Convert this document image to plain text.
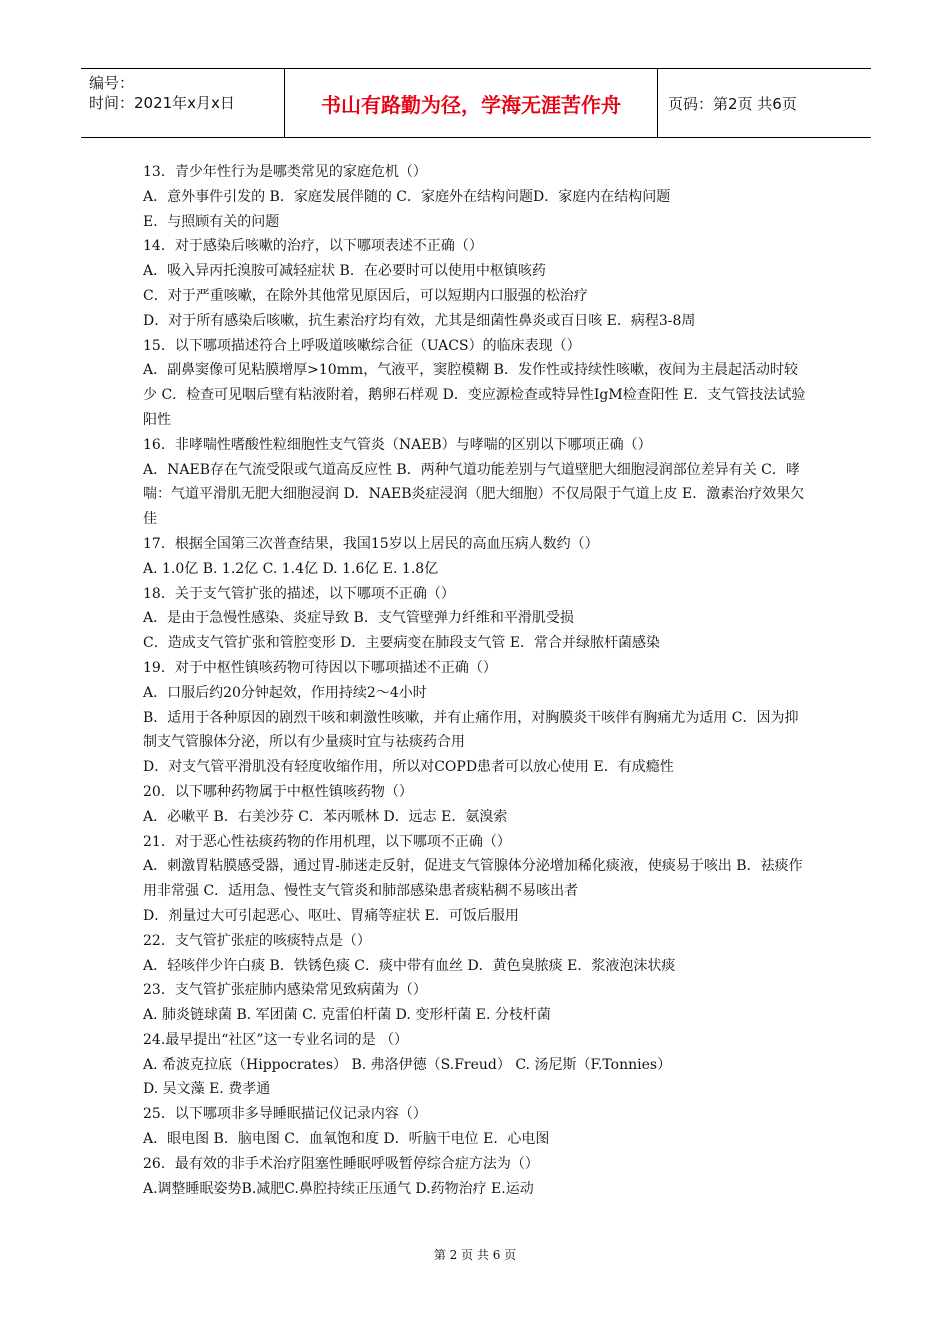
编号：
时间：2021年x月x日	书山有路勤为径，学海无涯苦作舟	页码：第2页 共6页

13．青少年性行为是哪类常见的家庭危机（）

A．意外事件引发的 B．家庭发展伴随的 C．家庭外在结构问题D．家庭内在结构问题

E．与照顾有关的问题

14．对于感染后咳嗽的治疗，以下哪项表述不正确（）

A．吸入异丙托溴胺可减轻症状 B．在必要时可以使用中枢镇咳药

C．对于严重咳嗽，在除外其他常见原因后，可以短期内口服强的松治疗

D．对于所有感染后咳嗽，抗生素治疗均有效，尤其是细菌性鼻炎或百日咳 E．病程3-8周

15．以下哪项描述符合上呼吸道咳嗽综合征（UACS）的临床表现（）

A．副鼻窦像可见粘膜增厚>10mm，气液平，窦腔模糊 B．发作性或持续性咳嗽，夜间为主晨起活动时较少 C．检查可见咽后壁有粘液附着，鹅卵石样观 D．变应源检查或特异性IgM检查阳性 E．支气管技法试验阳性

16．非哮喘性嗜酸性粒细胞性支气管炎（NAEB）与哮喘的区别以下哪项正确（）

A．NAEB存在气流受限或气道高反应性 B．两种气道功能差别与气道壁肥大细胞浸润部位差异有关 C．哮喘：气道平滑肌无肥大细胞浸润 D．NAEB炎症浸润（肥大细胞）不仅局限于气道上皮 E．激素治疗效果欠佳

17．根据全国第三次普查结果，我国15岁以上居民的高血压病人数约（）

A. 1.0亿 B. 1.2亿 C. 1.4亿 D. 1.6亿 E. 1.8亿

18．关于支气管扩张的描述，以下哪项不正确（）

A．是由于急慢性感染、炎症导致 B．支气管壁弹力纤维和平滑肌受损

C．造成支气管扩张和管腔变形 D．主要病变在肺段支气管 E．常合并绿脓杆菌感染

19．对于中枢性镇咳药物可待因以下哪项描述不正确（）

A．口服后约20分钟起效，作用持续2～4小时

B．适用于各种原因的剧烈干咳和刺激性咳嗽，并有止痛作用，对胸膜炎干咳伴有胸痛尤为适用 C．因为抑制支气管腺体分泌，所以有少量痰时宜与祛痰药合用

D．对支气管平滑肌没有轻度收缩作用，所以对COPD患者可以放心使用 E．有成瘾性

20．以下哪种药物属于中枢性镇咳药物（）

A．必嗽平 B．右美沙芬 C．苯丙哌林 D．远志 E．氨溴索

21．对于恶心性祛痰药物的作用机理，以下哪项不正确（）

A．刺激胃粘膜感受器，通过胃-肺迷走反射，促进支气管腺体分泌增加稀化痰液，使痰易于咳出 B．祛痰作用非常强 C．适用急、慢性支气管炎和肺部感染患者痰粘稠不易咳出者

D．剂量过大可引起恶心、呕吐、胃痛等症状 E．可饭后服用

22．支气管扩张症的咳痰特点是（）

A．轻咳伴少许白痰 B．铁锈色痰 C．痰中带有血丝 D．黄色臭脓痰 E．浆液泡沫状痰

23．支气管扩张症肺内感染常见致病菌为（）

A. 肺炎链球菌 B. 军团菌 C. 克雷伯杆菌 D. 变形杆菌 E. 分枝杆菌

24.最早提出“社区”这一专业名词的是 （）

A. 希波克拉底（Hippocrates） B. 弗洛伊德（S.Freud） C. 汤尼斯（F.Tonnies）

D. 吴文藻 E. 费孝通

25．以下哪项非多导睡眠描记仪记录内容（）

A．眼电图 B．脑电图 C．血氧饱和度 D．听脑干电位 E．心电图

26．最有效的非手术治疗阻塞性睡眠呼吸暂停综合症方法为（）

A.调整睡眠姿势B.减肥C.鼻腔持续正压通气 D.药物治疗 E.运动

第 2 页 共 6 页
